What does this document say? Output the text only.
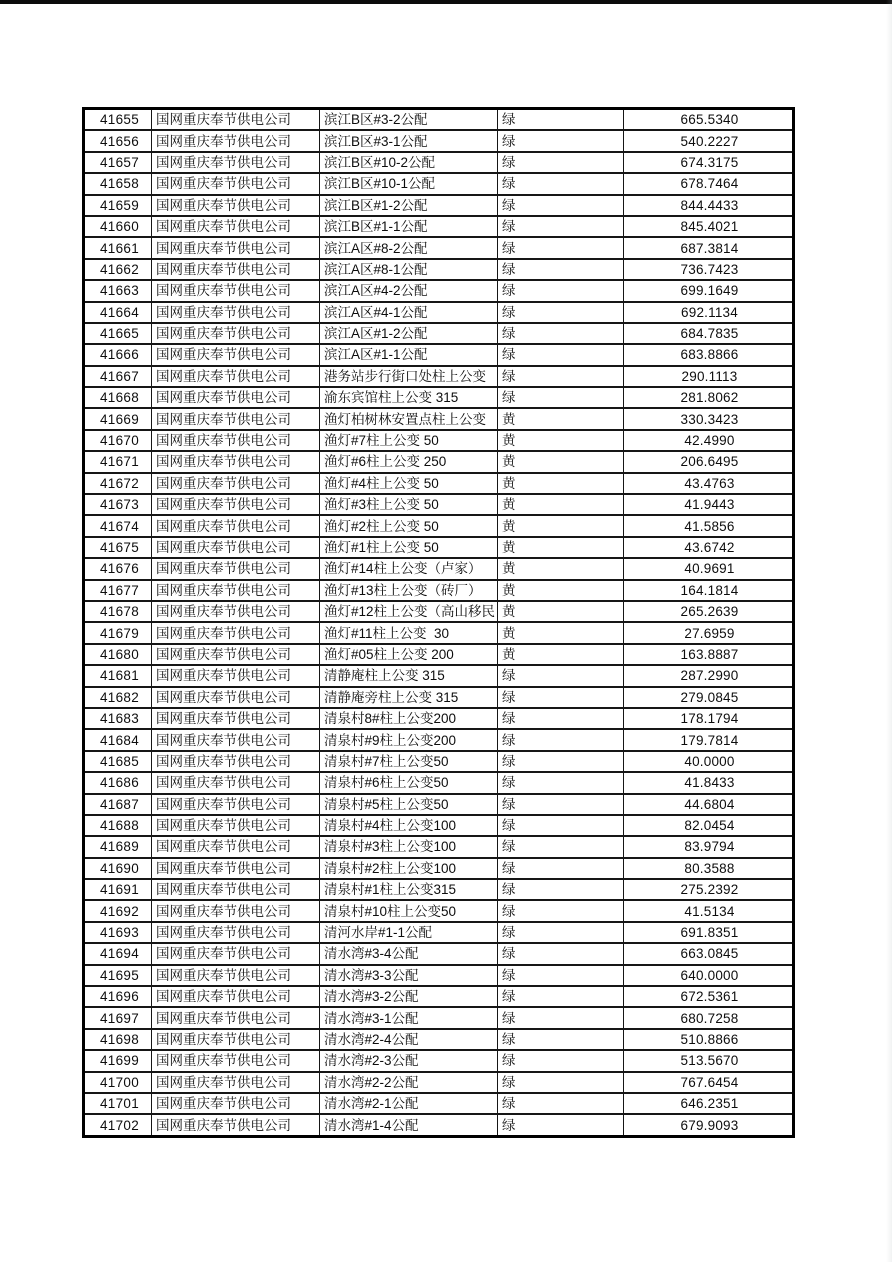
41655	国网重庆奉节供电公司	滨江B区#3-2公配	绿	665.5340
41656	国网重庆奉节供电公司	滨江B区#3-1公配	绿	540.2227
41657	国网重庆奉节供电公司	滨江B区#10-2公配	绿	674.3175
41658	国网重庆奉节供电公司	滨江B区#10-1公配	绿	678.7464
41659	国网重庆奉节供电公司	滨江B区#1-2公配	绿	844.4433
41660	国网重庆奉节供电公司	滨江B区#1-1公配	绿	845.4021
41661	国网重庆奉节供电公司	滨江A区#8-2公配	绿	687.3814
41662	国网重庆奉节供电公司	滨江A区#8-1公配	绿	736.7423
41663	国网重庆奉节供电公司	滨江A区#4-2公配	绿	699.1649
41664	国网重庆奉节供电公司	滨江A区#4-1公配	绿	692.1134
41665	国网重庆奉节供电公司	滨江A区#1-2公配	绿	684.7835
41666	国网重庆奉节供电公司	滨江A区#1-1公配	绿	683.8866
41667	国网重庆奉节供电公司	港务站步行街口处柱上公变	绿	290.1113
41668	国网重庆奉节供电公司	渝东宾馆柱上公变 315	绿	281.8062
41669	国网重庆奉节供电公司	渔灯柏树林安置点柱上公变	黄	330.3423
41670	国网重庆奉节供电公司	渔灯#7柱上公变 50	黄	42.4990
41671	国网重庆奉节供电公司	渔灯#6柱上公变 250	黄	206.6495
41672	国网重庆奉节供电公司	渔灯#4柱上公变 50	黄	43.4763
41673	国网重庆奉节供电公司	渔灯#3柱上公变 50	黄	41.9443
41674	国网重庆奉节供电公司	渔灯#2柱上公变 50	黄	41.5856
41675	国网重庆奉节供电公司	渔灯#1柱上公变 50	黄	43.6742
41676	国网重庆奉节供电公司	渔灯#14柱上公变（卢家）	黄	40.9691
41677	国网重庆奉节供电公司	渔灯#13柱上公变（砖厂）	黄	164.1814
41678	国网重庆奉节供电公司	渔灯#12柱上公变（高山移民	黄	265.2639
41679	国网重庆奉节供电公司	渔灯#11柱上公变  30	黄	27.6959
41680	国网重庆奉节供电公司	渔灯#05柱上公变 200	黄	163.8887
41681	国网重庆奉节供电公司	清静庵柱上公变 315	绿	287.2990
41682	国网重庆奉节供电公司	清静庵旁柱上公变 315	绿	279.0845
41683	国网重庆奉节供电公司	清泉村8#柱上公变200	绿	178.1794
41684	国网重庆奉节供电公司	清泉村#9柱上公变200	绿	179.7814
41685	国网重庆奉节供电公司	清泉村#7柱上公变50	绿	40.0000
41686	国网重庆奉节供电公司	清泉村#6柱上公变50	绿	41.8433
41687	国网重庆奉节供电公司	清泉村#5柱上公变50	绿	44.6804
41688	国网重庆奉节供电公司	清泉村#4柱上公变100	绿	82.0454
41689	国网重庆奉节供电公司	清泉村#3柱上公变100	绿	83.9794
41690	国网重庆奉节供电公司	清泉村#2柱上公变100	绿	80.3588
41691	国网重庆奉节供电公司	清泉村#1柱上公变315	绿	275.2392
41692	国网重庆奉节供电公司	清泉村#10柱上公变50	绿	41.5134
41693	国网重庆奉节供电公司	清河水岸#1-1公配	绿	691.8351
41694	国网重庆奉节供电公司	清水湾#3-4公配	绿	663.0845
41695	国网重庆奉节供电公司	清水湾#3-3公配	绿	640.0000
41696	国网重庆奉节供电公司	清水湾#3-2公配	绿	672.5361
41697	国网重庆奉节供电公司	清水湾#3-1公配	绿	680.7258
41698	国网重庆奉节供电公司	清水湾#2-4公配	绿	510.8866
41699	国网重庆奉节供电公司	清水湾#2-3公配	绿	513.5670
41700	国网重庆奉节供电公司	清水湾#2-2公配	绿	767.6454
41701	国网重庆奉节供电公司	清水湾#2-1公配	绿	646.2351
41702	国网重庆奉节供电公司	清水湾#1-4公配	绿	679.9093
